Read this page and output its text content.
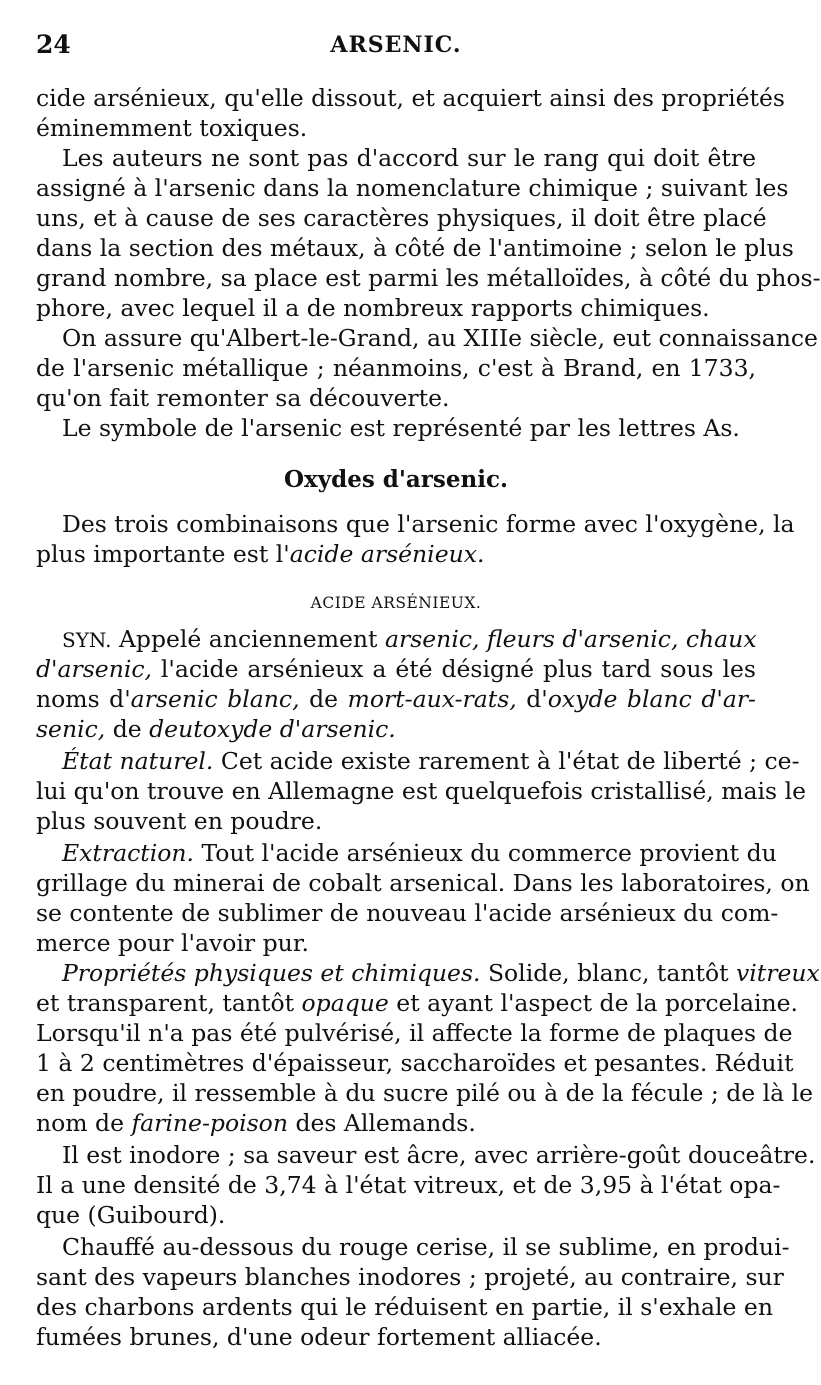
24	ARSENIC.
cide arsénieux, qu'elle dissout, et acquiert ainsi des propriétés
éminemment toxiques.
Les auteurs ne sont pas d'accord sur le rang qui doit être
assigné à l'arsenic dans la nomenclature chimique ; suivant les
uns, et à cause de ses caractères physiques, il doit être placé
dans la section des métaux, à côté de l'antimoine ; selon le plus
grand nombre, sa place est parmi les métalloïdes, à côté du phos-
phore, avec lequel il a de nombreux rapports chimiques.
On assure qu'Albert-le-Grand, au XIIIe siècle, eut connaissance
de l'arsenic métallique ; néanmoins, c'est à Brand, en 1733,
qu'on fait remonter sa découverte.
Le symbole de l'arsenic est représenté par les lettres As.
Oxydes d'arsenic.
Des trois combinaisons que l'arsenic forme avec l'oxygène, la
plus importante est l'acide arsénieux.
ACIDE ARSÉNIEUX.
SYN. Appelé anciennement arsenic, fleurs d'arsenic, chaux
d'arsenic, l'acide arsénieux a été désigné plus tard sous les
noms d'arsenic blanc, de mort-aux-rats, d'oxyde blanc d'ar-
senic, de deutoxyde d'arsenic.
État naturel. Cet acide existe rarement à l'état de liberté ; ce-
lui qu'on trouve en Allemagne est quelquefois cristallisé, mais le
plus souvent en poudre.
Extraction. Tout l'acide arsénieux du commerce provient du
grillage du minerai de cobalt arsenical. Dans les laboratoires, on
se contente de sublimer de nouveau l'acide arsénieux du com-
merce pour l'avoir pur.
Propriétés physiques et chimiques. Solide, blanc, tantôt vitreux
et transparent, tantôt opaque et ayant l'aspect de la porcelaine.
Lorsqu'il n'a pas été pulvérisé, il affecte la forme de plaques de
1 à 2 centimètres d'épaisseur, saccharoïdes et pesantes. Réduit
en poudre, il ressemble à du sucre pilé ou à de la fécule ; de là le
nom de farine-poison des Allemands.
Il est inodore ; sa saveur est âcre, avec arrière-goût douceâtre.
Il a une densité de 3,74 à l'état vitreux, et de 3,95 à l'état opa-
que (Guibourd).
Chauffé au-dessous du rouge cerise, il se sublime, en produi-
sant des vapeurs blanches inodores ; projeté, au contraire, sur
des charbons ardents qui le réduisent en partie, il s'exhale en
fumées brunes, d'une odeur fortement alliacée.
